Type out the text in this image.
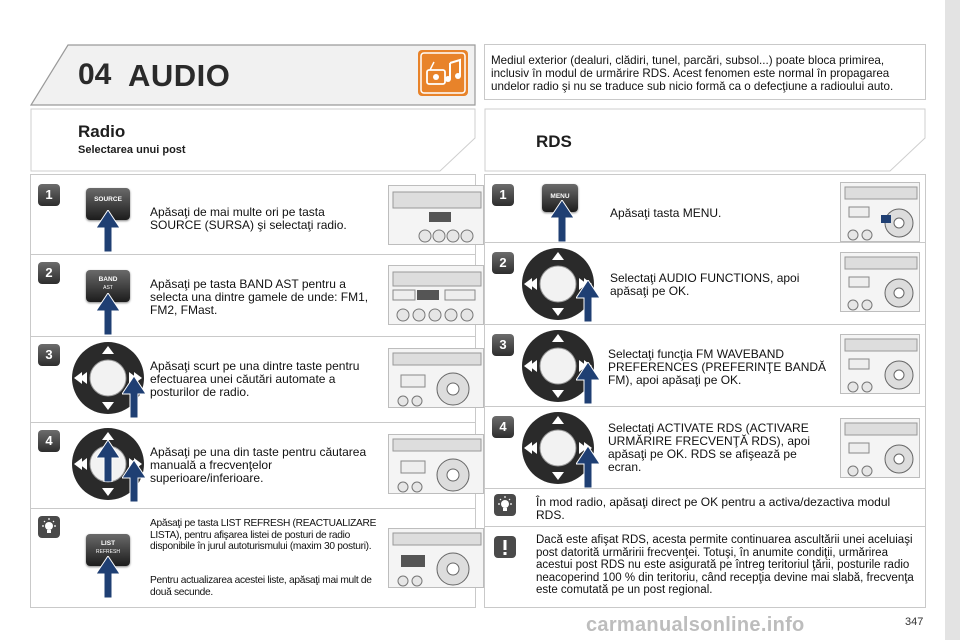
04 AUDIO	Mediul exterior (dealuri, clădiri, tunel, parcări, subsol...) poate bloca primirea, inclusiv în modul de urmărire RDS. Acest fenomen este normal în propagarea undelor radio şi nu se traduce sub nicio formă ca o defecţiune a radioului auto.
Radio
Selectarea unui post
1	SOURCE
Apăsaţi de mai multe ori pe tasta SOURCE (SURSA) şi selectaţi radio.
2	BAND
AST	Apăsaţi pe tasta BAND AST pentru a selecta una dintre gamele de unde: FM1, FM2, FMast.
3
Apăsaţi scurt pe una dintre taste pentru efectuarea unei căutări automate a posturilor de radio.
4
Apăsaţi pe una din taste pentru căutarea manuală a frecvenţelor superioare/inferioare.
LIST
REFRESH
Apăsaţi pe tasta LIST REFRESH (REACTUALIZARE LISTA), pentru afişarea listei de posturi de radio disponibile în jurul autoturismului (maxim 30 posturi).
Pentru actualizarea acestei liste, apăsaţi mai mult de două secunde.
RDS
1	MENU
Apăsaţi tasta MENU.
2
Selectaţi AUDIO FUNCTIONS, apoi apăsaţi pe OK.
3
Selectaţi funcţia FM WAVEBAND PREFERENCES (PREFERINŢE BANDĂ FM), apoi apăsaţi pe OK.
4	Selectaţi ACTIVATE RDS (ACTIVARE URMĂRIRE FRECVENŢĂ RDS), apoi apăsaţi pe OK. RDS se afişează pe ecran.
În mod radio, apăsaţi direct pe OK pentru a activa/dezactiva modul RDS.
Dacă este afişat RDS, acesta permite continuarea ascultării unei aceluiaşi post datorită urmăririi frecvenţei. Totuşi, în anumite condiţii, urmărirea acestui post RDS nu este asigurată pe întreg teritoriul ţării, posturile radio neacoperind 100 % din teritoriu, când recepţia devine mai slabă, frecvenţa este comutată pe un post regional.
carmanualsonline.info	347
